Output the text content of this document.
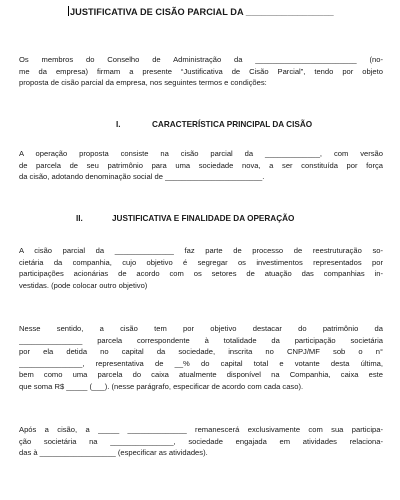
JUSTIFICATIVA DE CISÃO PARCIAL DA _________________
Os membros do Conselho de Administração da ________________________ (no-
me da empresa) firmam a presente “Justificativa de Cisão Parcial”, tendo por objeto
proposta de cisão parcial da empresa, nos seguintes termos e condições:
I.	CARACTERÍSTICA PRINCIPAL DA CISÃO
A operação proposta consiste na cisão parcial da _____________, com versão
de parcela de seu patrimônio para uma sociedade nova, a ser constituída por força
da cisão, adotando denominação social de _______________________.
II.	JUSTIFICATIVA E FINALIDADE DA OPERAÇÃO
A cisão parcial da ______________ faz parte de processo de reestruturação so-
cietária da companhia, cujo objetivo é segregar os investimentos representados por
participações acionárias de acordo com os setores de atuação das companhias in-
vestidas. (pode colocar outro objetivo)
Nesse sentido, a cisão tem por objetivo destacar do patrimônio da
_______________ parcela correspondente à totalidade da participação societária
por ela detida no capital da sociedade, inscrita no CNPJ/MF sob o n°
_______________, representativa de __% do capital total e votante desta última,
bem como uma parcela do caixa atualmente disponível na Companhia, caixa este
que soma R$ _____ (___). (nesse parágrafo, especificar de acordo com cada caso).
Após a cisão, a _____ ______________ remanescerá exclusivamente com sua participa-
ção societária na _______________, sociedade engajada em atividades relaciona-
das à __________________ (especificar as atividades).
